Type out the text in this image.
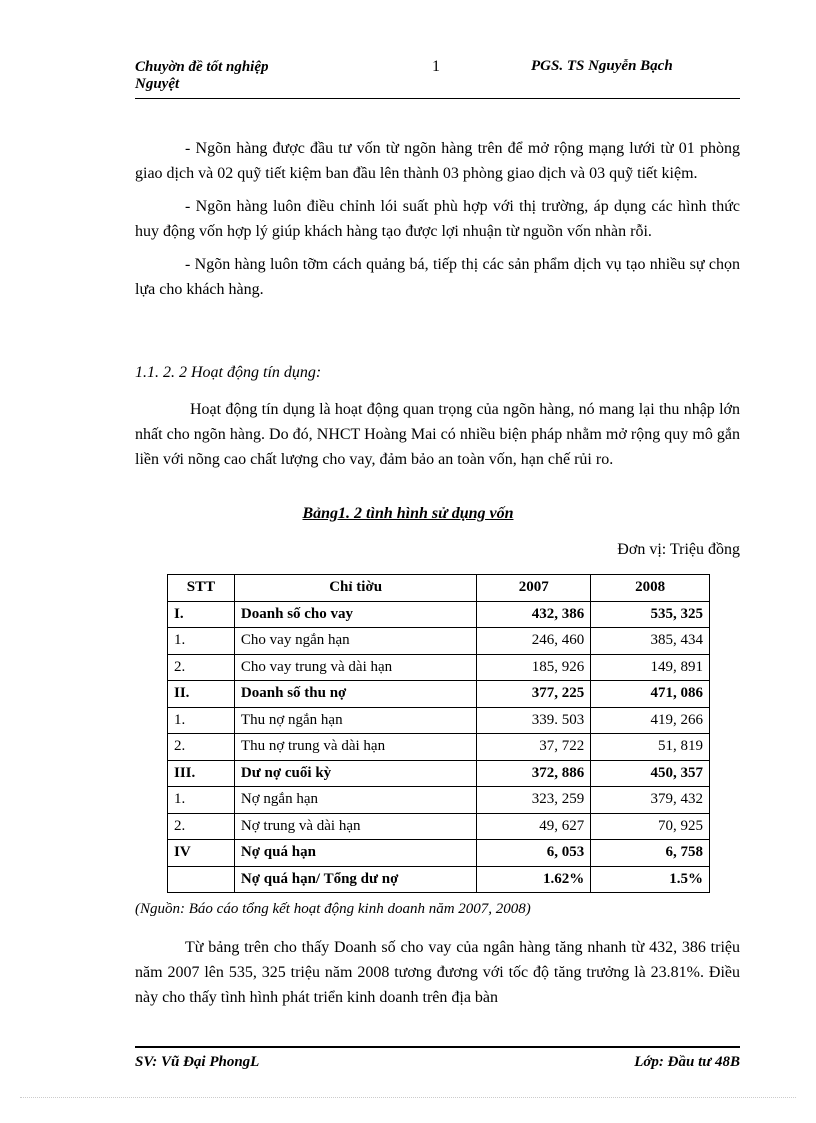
Chuyờn đề tốt nghiệp	1	PGS. TS Nguyễn Bạch
Nguyệt

- Ngõn hàng được đầu tư vốn từ ngõn hàng trên để mở rộng mạng lưới từ 01 phòng giao dịch và 02 quỹ tiết kiệm ban đầu lên thành 03 phòng giao dịch và 03 quỹ tiết kiệm.

- Ngõn hàng luôn điều chỉnh lói suất phù hợp với thị trường, áp dụng các hình thức huy động vốn hợp lý giúp khách hàng tạo được lợi nhuận từ nguồn vốn nhàn rỗi.

- Ngõn hàng luôn tỡm cách quảng bá, tiếp thị các sản phẩm dịch vụ tạo nhiều sự chọn lựa cho khách hàng.

1.1. 2. 2 Hoạt động tín dụng:

Hoạt động tín dụng là hoạt động quan trọng của ngõn hàng, nó mang lại thu nhập lớn nhất cho ngõn hàng. Do đó, NHCT Hoàng Mai có nhiều biện pháp nhằm mở rộng quy mô gắn liền với nõng cao chất lượng cho vay, đảm bảo an toàn vốn, hạn chế rủi ro.

Bảng1. 2 tình hình sử dụng vốn
Đơn vị: Triệu đồng
STT	Chỉ tiờu	2007	2008
I.	Doanh số cho vay	432, 386	535, 325
1.	Cho vay ngắn hạn	246, 460	385, 434
2.	Cho vay trung và dài hạn	185, 926	149, 891
II.	Doanh số thu nợ	377, 225	471, 086
1.	Thu nợ ngắn hạn	339. 503	419, 266
2.	Thu nợ trung và dài hạn	37, 722	51, 819
III.	Dư nợ cuối kỳ	372, 886	450, 357
1.	Nợ ngắn hạn	323, 259	379, 432
2.	Nợ trung và dài hạn	49, 627	70, 925
IV	Nợ quá hạn	6, 053	6, 758
	Nợ quá hạn/ Tổng dư nợ	1.62%	1.5%
(Nguồn: Báo cáo tổng kết hoạt động kinh doanh năm 2007, 2008)

Từ bảng trên cho thấy Doanh số cho vay của ngân hàng tăng nhanh từ 432, 386 triệu năm 2007 lên 535, 325 triệu năm 2008 tương đương với tốc độ tăng trưởng là 23.81%. Điều này cho thấy tình hình phát triển kinh doanh trên địa bàn

SV: Vũ Đại PhongL	Lớp: Đầu tư 48B
